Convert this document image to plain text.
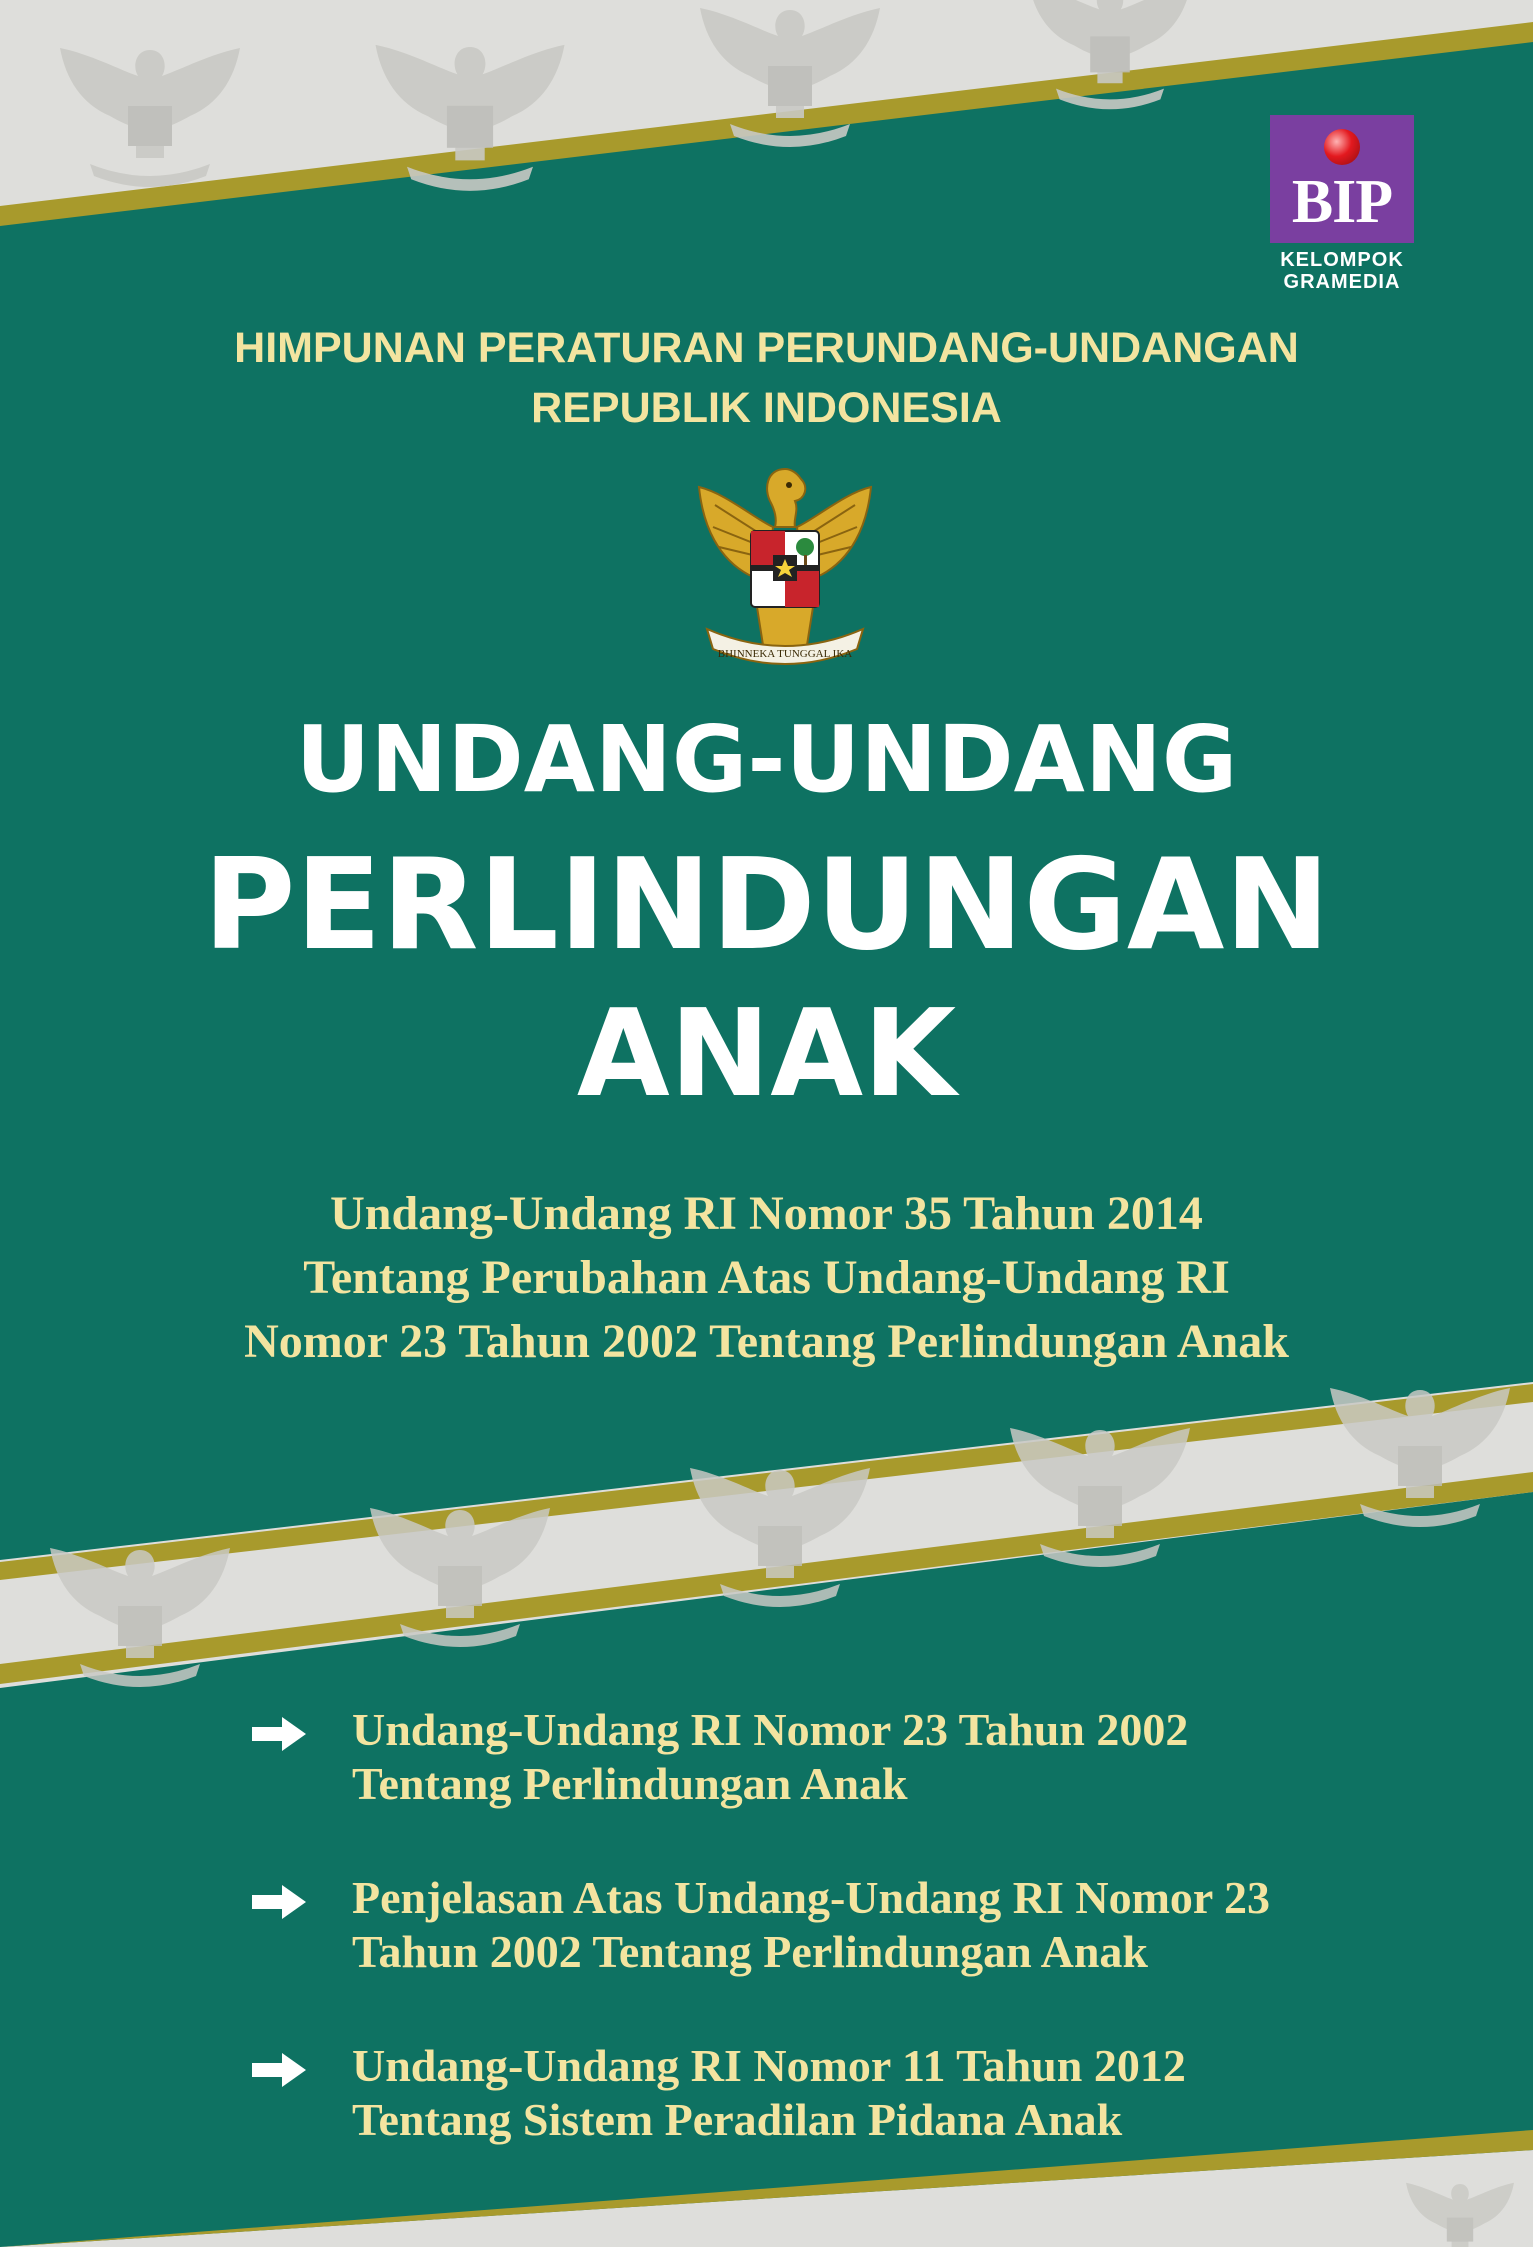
BIP
KELOMPOK
GRAMEDIA
HIMPUNAN PERATURAN PERUNDANG-UNDANGAN
REPUBLIK INDONESIA
BHINNEKA TUNGGAL IKA
UNDANG-UNDANG
PERLINDUNGAN
ANAK
Undang-Undang RI Nomor 35 Tahun 2014
Tentang Perubahan Atas Undang-Undang RI
Nomor 23 Tahun 2002 Tentang Perlindungan Anak
Undang-Undang RI Nomor 23 Tahun 2002
Tentang Perlindungan Anak
Penjelasan Atas Undang-Undang RI Nomor 23
Tahun 2002 Tentang Perlindungan Anak
Undang-Undang RI Nomor 11 Tahun 2012
Tentang Sistem Peradilan Pidana Anak
